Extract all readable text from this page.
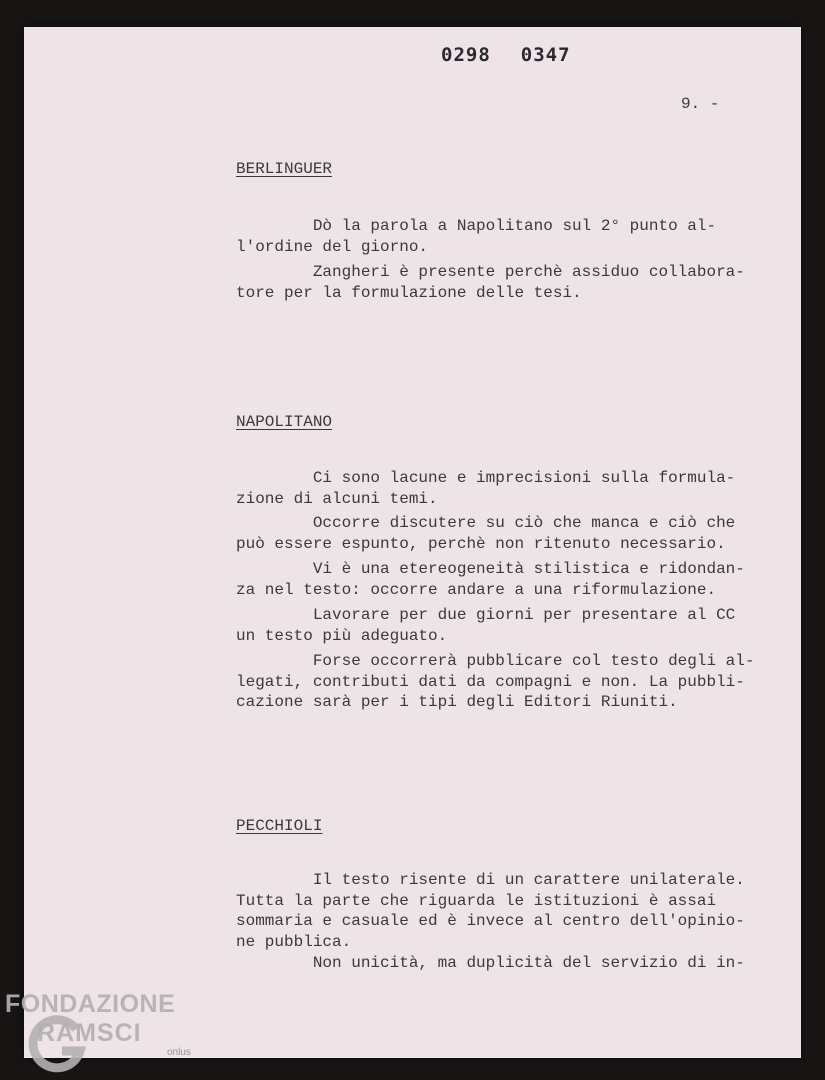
0298 0347
9. -
BERLINGUER
Dò la parola a Napolitano sul 2° punto al-
l'ordine del giorno.
Zangheri è presente perchè assiduo collabora-
tore per la formulazione delle tesi.
NAPOLITANO
Ci sono lacune e imprecisioni sulla formula-
zione di alcuni temi.
Occorre discutere su ciò che manca e ciò che
può essere espunto, perchè non ritenuto necessario.
Vi è una etereogeneità stilistica e ridondan-
za nel testo: occorre andare a una riformulazione.
Lavorare per due giorni per presentare al CC
un testo più adeguato.
Forse occorrerà pubblicare col testo degli al-
legati, contributi dati da compagni e non. La pubbli-
cazione sarà per i tipi degli Editori Riuniti.
PECCHIOLI
Il testo risente di un carattere unilaterale.
Tutta la parte che riguarda le istituzioni è assai
sommaria e casuale ed è invece al centro dell'opinio-
ne pubblica.
Non unicità, ma duplicità del servizio di in-
FONDAZIONE
RAMSCI
onlus
